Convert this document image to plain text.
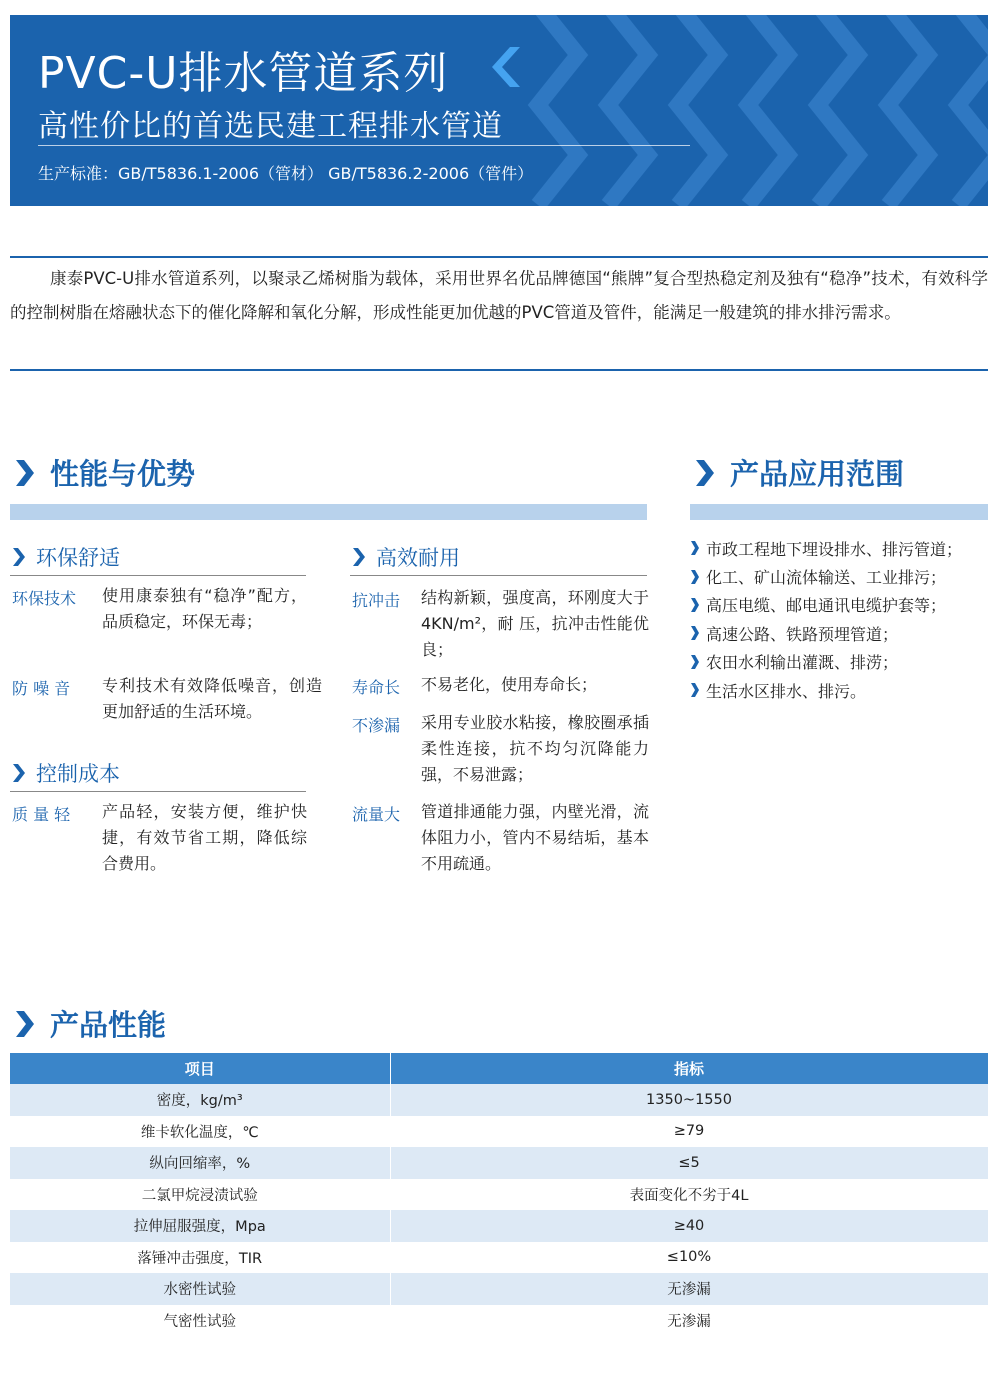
PVC-U排水管道系列
高性价比的首选民建工程排水管道
生产标准：GB/T5836.1-2006（管材） GB/T5836.2-2006（管件）
康泰PVC-U排水管道系列，以聚录乙烯树脂为载体，采用世界名优品牌德国“熊牌”复合型热稳定剂及独有“稳净”技术，有效科学的控制树脂在熔融状态下的催化降解和氧化分解，形成性能更加优越的PVC管道及管件，能满足一般建筑的排水排污需求。
性能与优势
环保舒适
环保技术 使用康泰独有“稳净”配方，品质稳定，环保无毒；
防 噪 音 专利技术有效降低噪音，创造更加舒适的生活环境。
控制成本
质 量 轻 产品轻，安装方便，维护快捷，有效节省工期，降低综合费用。
高效耐用
抗冲击 结构新颖，强度高，环刚度大于4KN/m²，耐 压，抗冲击性能优良；
寿命长 不易老化，使用寿命长；
不渗漏 采用专业胶水粘接，橡胶圈承插柔性连接，抗不均匀沉降能力强，不易泄露；
流量大 管道排通能力强，内壁光滑，流体阻力小，管内不易结垢，基本不用疏通。
产品应用范围
市政工程地下埋设排水、排污管道；
化工、矿山流体输送、工业排污；
高压电缆、邮电通讯电缆护套等；
高速公路、铁路预埋管道；
农田水利输出灌溉、排涝；
生活水区排水、排污。
产品性能
项目	指标
密度，kg/m³	1350~1550
维卡软化温度，℃	≥79
纵向回缩率，%	≤5
二氯甲烷浸渍试验	表面变化不劣于4L
拉伸屈服强度，Mpa	≥40
落锤冲击强度，TIR	≤10%
水密性试验	无渗漏
气密性试验	无渗漏
